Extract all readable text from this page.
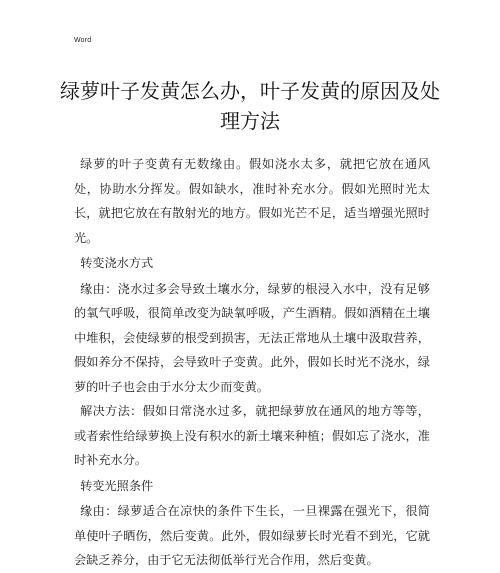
Word
绿萝叶子发黄怎么办，叶子发黄的原因及处理方法

绿萝的叶子变黄有无数缘由。假如浇水太多，就把它放在通风处，协助水分挥发。假如缺水，准时补充水分。假如光照时光太长，就把它放在有散射光的地方。假如光芒不足，适当增强光照时光。

转变浇水方式

缘由：浇水过多会导致土壤水分，绿萝的根浸入水中，没有足够的氧气呼吸，很简单改变为缺氧呼吸，产生酒精。假如酒精在土壤中堆积，会使绿萝的根受到损害，无法正常地从土壤中汲取营养，假如养分不保持，会导致叶子变黄。此外，假如长时光不浇水，绿萝的叶子也会由于水分太少而变黄。

解决方法：假如日常浇水过多，就把绿萝放在通风的地方等等，或者索性给绿萝换上没有积水的新土壤来种植；假如忘了浇水，准时补充水分。

转变光照条件

缘由：绿萝适合在凉快的条件下生长，一旦裸露在强光下，很简单使叶子晒伤，然后变黄。此外，假如绿萝长时光看不到光，它就会缺乏养分，由于它无法彻低举行光合作用，然后变黄。
